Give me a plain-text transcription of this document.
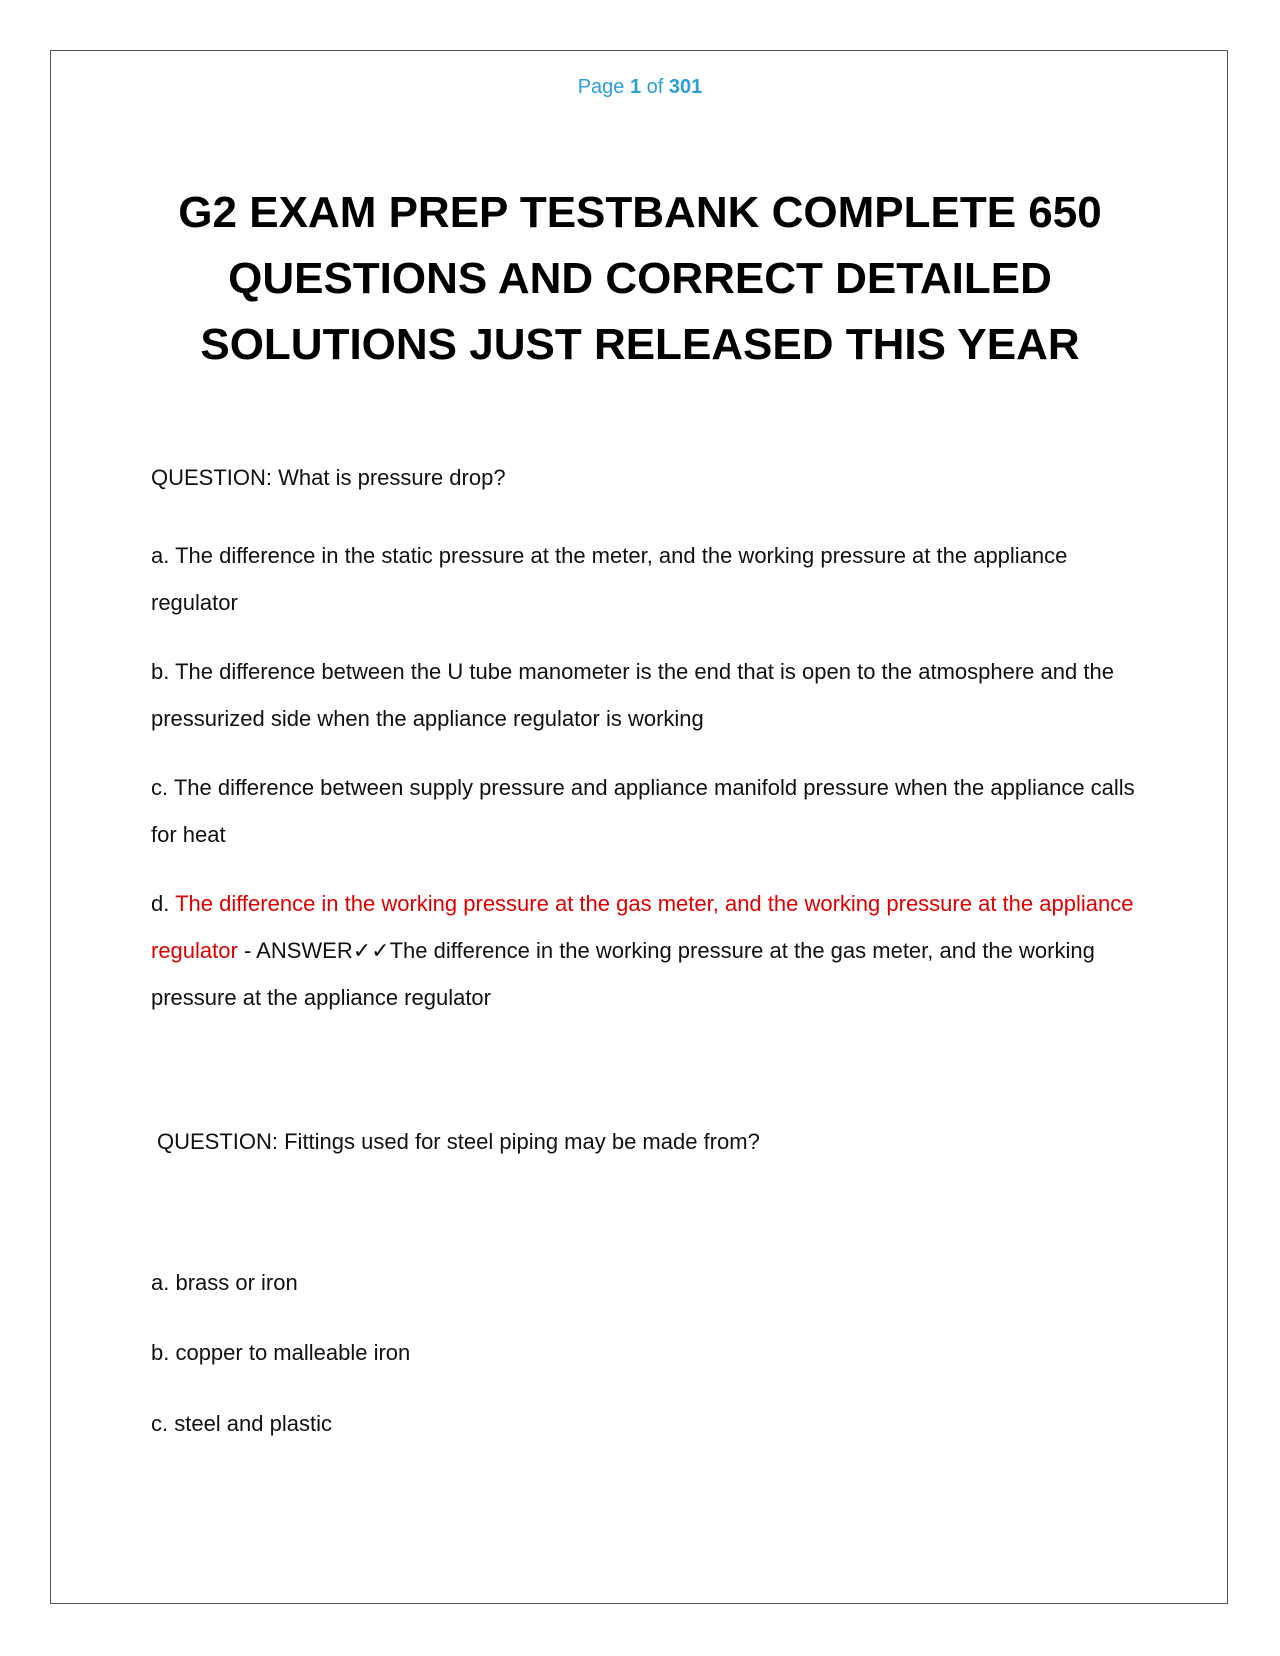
Page 1 of 301
G2 EXAM PREP TESTBANK COMPLETE 650 QUESTIONS AND CORRECT DETAILED SOLUTIONS JUST RELEASED THIS YEAR

QUESTION: What is pressure drop?

a. The difference in the static pressure at the meter, and the working pressure at the appliance regulator

b. The difference between the U tube manometer is the end that is open to the atmosphere and the pressurized side when the appliance regulator is working

c. The difference between supply pressure and appliance manifold pressure when the appliance calls for heat

d. The difference in the working pressure at the gas meter, and the working pressure at the appliance regulator - ANSWER✓✓The difference in the working pressure at the gas meter, and the working pressure at the appliance regulator

QUESTION: Fittings used for steel piping may be made from?

a. brass or iron

b. copper to malleable iron

c. steel and plastic
